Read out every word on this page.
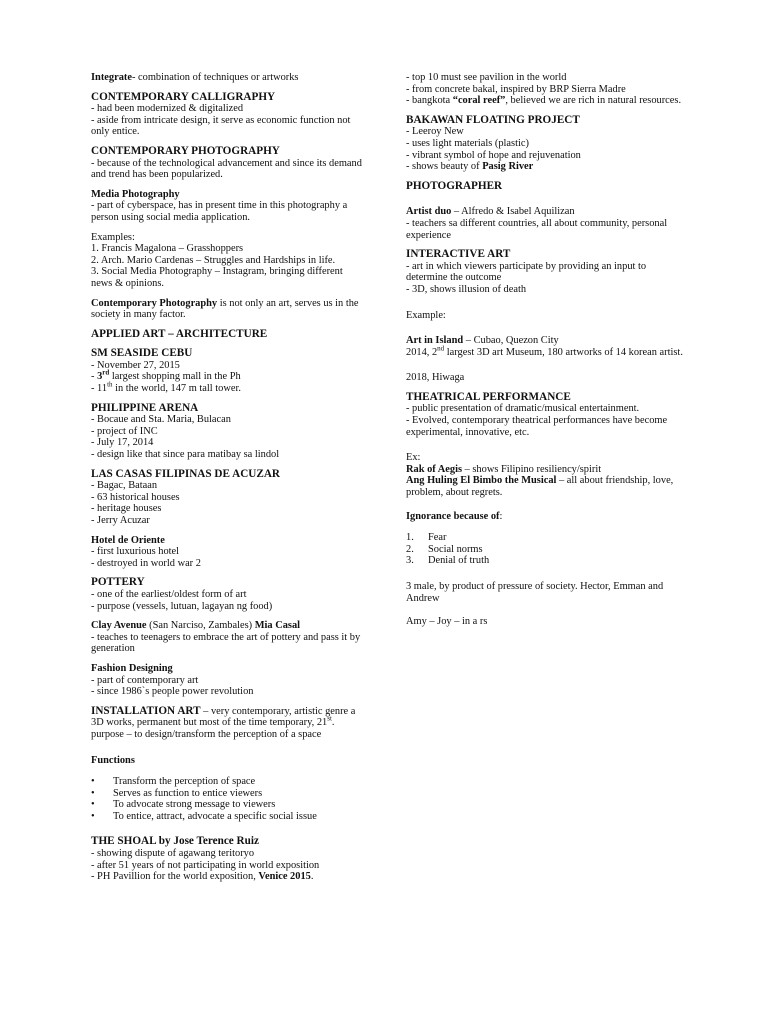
Integrate- combination of techniques or artworks

CONTEMPORARY CALLIGRAPHY

- had been modernized & digitalized

- aside from intricate design, it serve as economic function not only entice.

CONTEMPORARY PHOTOGRAPHY

- because of the technological advancement and since its demand and trend has been popularized.

Media Photography

- part of cyberspace, has in present time in this photography a person using social media application.

Examples:

1. Francis Magalona – Grasshoppers

2. Arch. Mario Cardenas – Struggles and Hardships in life.

3. Social Media Photography – Instagram, bringing different news & opinions.

Contemporary Photography is not only an art, serves us in the society in many factor.

APPLIED ART – ARCHITECTURE

SM SEASIDE CEBU

- November 27, 2015

- 3rd largest shopping mall in the Ph

- 11th in the world, 147 m tall tower.

PHILIPPINE ARENA

- Bocaue and Sta. Maria, Bulacan

- project of INC

- July 17, 2014

- design like that since para matibay sa lindol

LAS CASAS FILIPINAS DE ACUZAR

- Bagac, Bataan

- 63 historical houses

- heritage houses

- Jerry Acuzar

Hotel de Oriente

- first luxurious hotel

- destroyed in world war 2

POTTERY

- one of the earliest/oldest form of art

- purpose (vessels, lutuan, lagayan ng food)

Clay Avenue (San Narciso, Zambales) Mia Casal

- teaches to teenagers to embrace the art of pottery and pass it by generation

Fashion Designing

- part of contemporary art

- since 1986`s people power revolution

INSTALLATION ART – very contemporary, artistic genre a 3D works, permanent but most of the time temporary, 21st. purpose – to design/transform the perception of a space

Functions

• Transform the perception of space
• Serves as function to entice viewers
• To advocate strong message to viewers
• To entice, attract, advocate a specific social issue

THE SHOAL by Jose Terence Ruiz

- showing dispute of agawang teritoryo

- after 51 years of not participating in world exposition

- PH Pavillion for the world exposition, Venice 2015.

- top 10 must see pavilion in the world

- from concrete bakal, inspired by BRP Sierra Madre

- bangkota “coral reef”, believed we are rich in natural resources.

BAKAWAN FLOATING PROJECT

- Leeroy New

- uses light materials (plastic)

- vibrant symbol of hope and rejuvenation

- shows beauty of Pasig River

PHOTOGRAPHER

Artist duo – Alfredo & Isabel Aquilizan

- teachers sa different countries, all about community, personal experience

INTERACTIVE ART

- art in which viewers participate by providing an input to determine the outcome

- 3D, shows illusion of death

Example:

Art in Island – Cubao, Quezon City

2014, 2nd largest 3D art Museum, 180 artworks of 14 korean artist.

2018, Hiwaga

THEATRICAL PERFORMANCE

- public presentation of dramatic/musical entertainment.

- Evolved, contemporary theatrical performances have become experimental, innovative, etc.

Ex:

Rak of Aegis – shows Filipino resiliency/spirit

Ang Huling El Bimbo the Musical – all about friendship, love, problem, about regrets.

Ignorance because of:

1. Fear
2. Social norms
3. Denial of truth

3 male, by product of pressure of society. Hector, Emman and Andrew

Amy – Joy – in a rs
